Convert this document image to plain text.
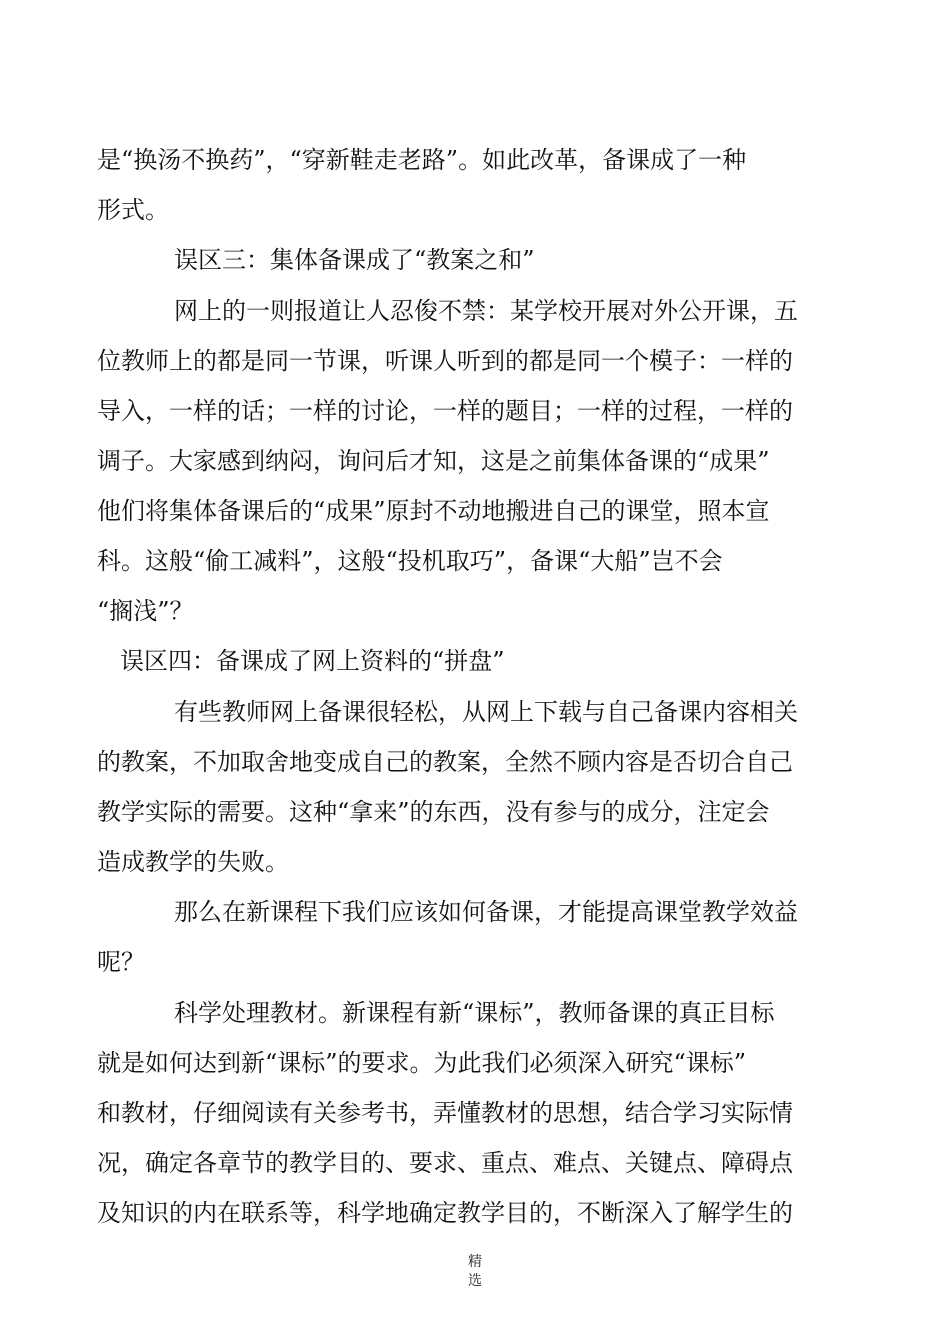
是“换汤不换药”，“穿新鞋走老路”。如此改革，备课成了一种
形式。
误区三：集体备课成了“教案之和”
网上的一则报道让人忍俊不禁：某学校开展对外公开课，五
位教师上的都是同一节课，听课人听到的都是同一个模子：一样的
导入，一样的话；一样的讨论，一样的题目；一样的过程，一样的
调子。大家感到纳闷，询问后才知，这是之前集体备课的“成果”
他们将集体备课后的“成果”原封不动地搬进自己的课堂，照本宣
科。这般“偷工减料”，这般“投机取巧”，备课“大船”岂不会
“搁浅”？
误区四：备课成了网上资料的“拼盘”
有些教师网上备课很轻松，从网上下载与自己备课内容相关
的教案，不加取舍地变成自己的教案，全然不顾内容是否切合自己
教学实际的需要。这种“拿来”的东西，没有参与的成分，注定会
造成教学的失败。
那么在新课程下我们应该如何备课，才能提高课堂教学效益
呢？
科学处理教材。新课程有新“课标”，教师备课的真正目标
就是如何达到新“课标”的要求。为此我们必须深入研究“课标”
和教材，仔细阅读有关参考书，弄懂教材的思想，结合学习实际情
况，确定各章节的教学目的、要求、重点、难点、关键点、障碍点
及知识的内在联系等，科学地确定教学目的，不断深入了解学生的
精
选
